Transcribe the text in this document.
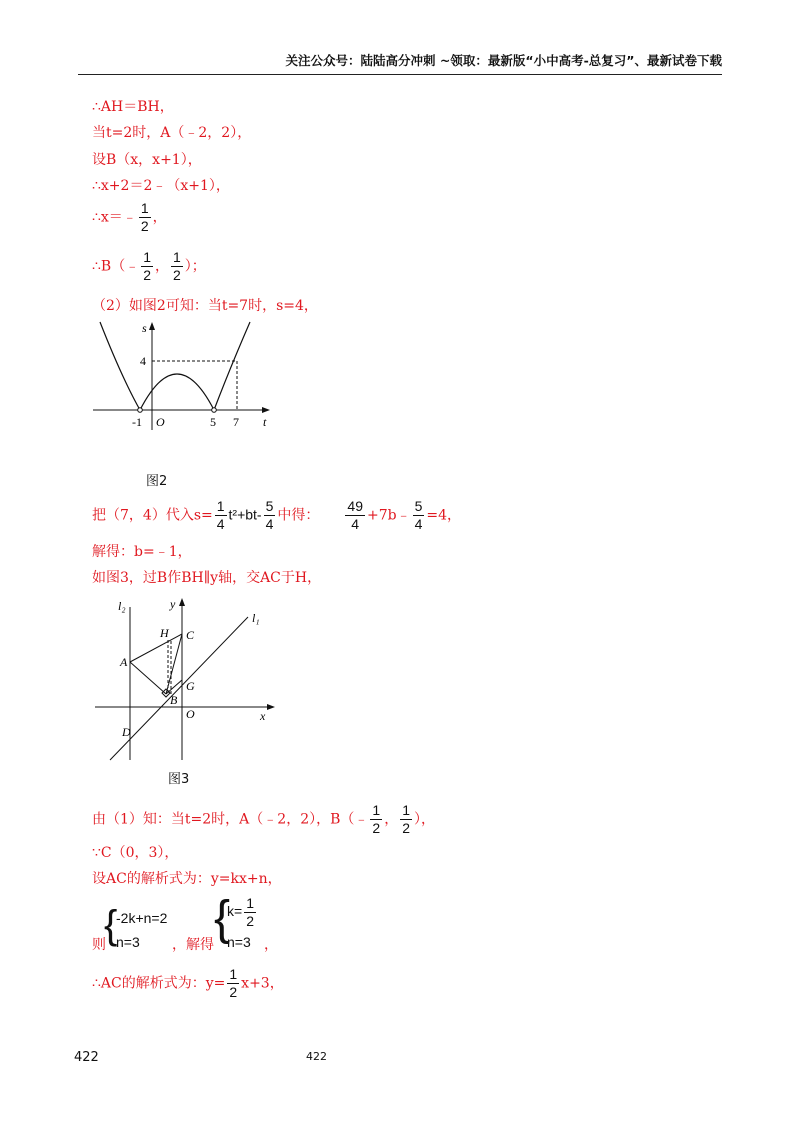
关注公众号：陆陆高分冲刺 ~领取：最新版“小中高考-总复习”、最新试卷下载
∴AH＝BH，
当t=2时，A（﹣2，2），
设B（x，x+1），
∴x+2＝2﹣（x+1），
∴x＝﹣ $\frac{1}{2}$ ，
∴B（﹣ $\frac{1}{2}$ ， $\frac{1}{2}$ ）；
（2）如图2可知：当t=7时，s=4，
s
t
4
-1 O	5 7
图2
把（7，4）代入$s= \frac{1}{4} t^2+bt- \frac{5}{4}$ 中得： $\frac{49}{4}$ +7b﹣ $\frac{5}{4} =4$，
解得：b=﹣1，
如图3，过B作BH∥y轴，交AC于H，
l₂
l₁
y
x
H C
A
G
B
O
D
图3
由（1）知：当t=2时，A（﹣2，2），B（﹣ $\frac{1}{2}$ ， $\frac{1}{2}$ ），
∵C（0，3），
设AC的解析式为：y=kx+n，
则
{
-2k+n=2
n=3 ，解得 {
$k= \frac{1}{2}$
n=3 ，
∴AC的解析式为：$y= \frac{1}{2} x+3$，
422	422
